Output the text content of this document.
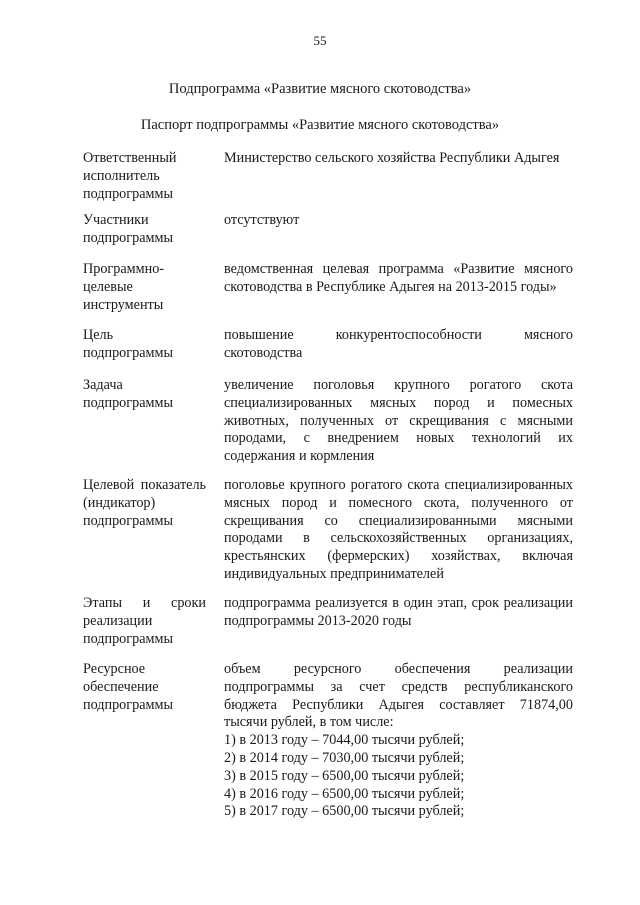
55
Подпрограмма «Развитие мясного скотоводства»
Паспорт подпрограммы «Развитие мясного скотоводства»
Ответственный исполнитель подпрограммы
Министерство сельского хозяйства Республики Адыгея
Участники подпрограммы
отсутствуют
Программно-целевые инструменты
ведомственная целевая программа «Развитие мясного скотоводства в Республике Адыгея на 2013-2015 годы»
Цель подпрограммы
повышение конкурентоспособности мясного скотоводства
Задача подпрограммы
увеличение поголовья крупного рогатого скота специализированных мясных пород и помесных животных, полученных от скрещивания с мясными породами, с внедрением новых технологий их содержания и кормления
Целевой показатель (индикатор) подпрограммы
поголовье крупного рогатого скота специализированных мясных пород и помесного скота, полученного от скрещивания со специализированными мясными породами в сельскохозяйственных организациях, крестьянских (фермерских) хозяйствах, включая индивидуальных предпринимателей
Этапы и сроки реализации подпрограммы
подпрограмма реализуется в один этап, срок реализации подпрограммы 2013-2020 годы
Ресурсное обеспечение подпрограммы
объем ресурсного обеспечения реализации подпрограммы за счет средств республиканского бюджета Республики Адыгея составляет 71874,00 тысячи рублей, в том числе:
1) в 2013 году – 7044,00 тысячи рублей;
2) в 2014 году – 7030,00 тысячи рублей;
3) в 2015 году – 6500,00 тысячи рублей;
4) в 2016 году – 6500,00 тысячи рублей;
5) в 2017 году – 6500,00 тысячи рублей;
